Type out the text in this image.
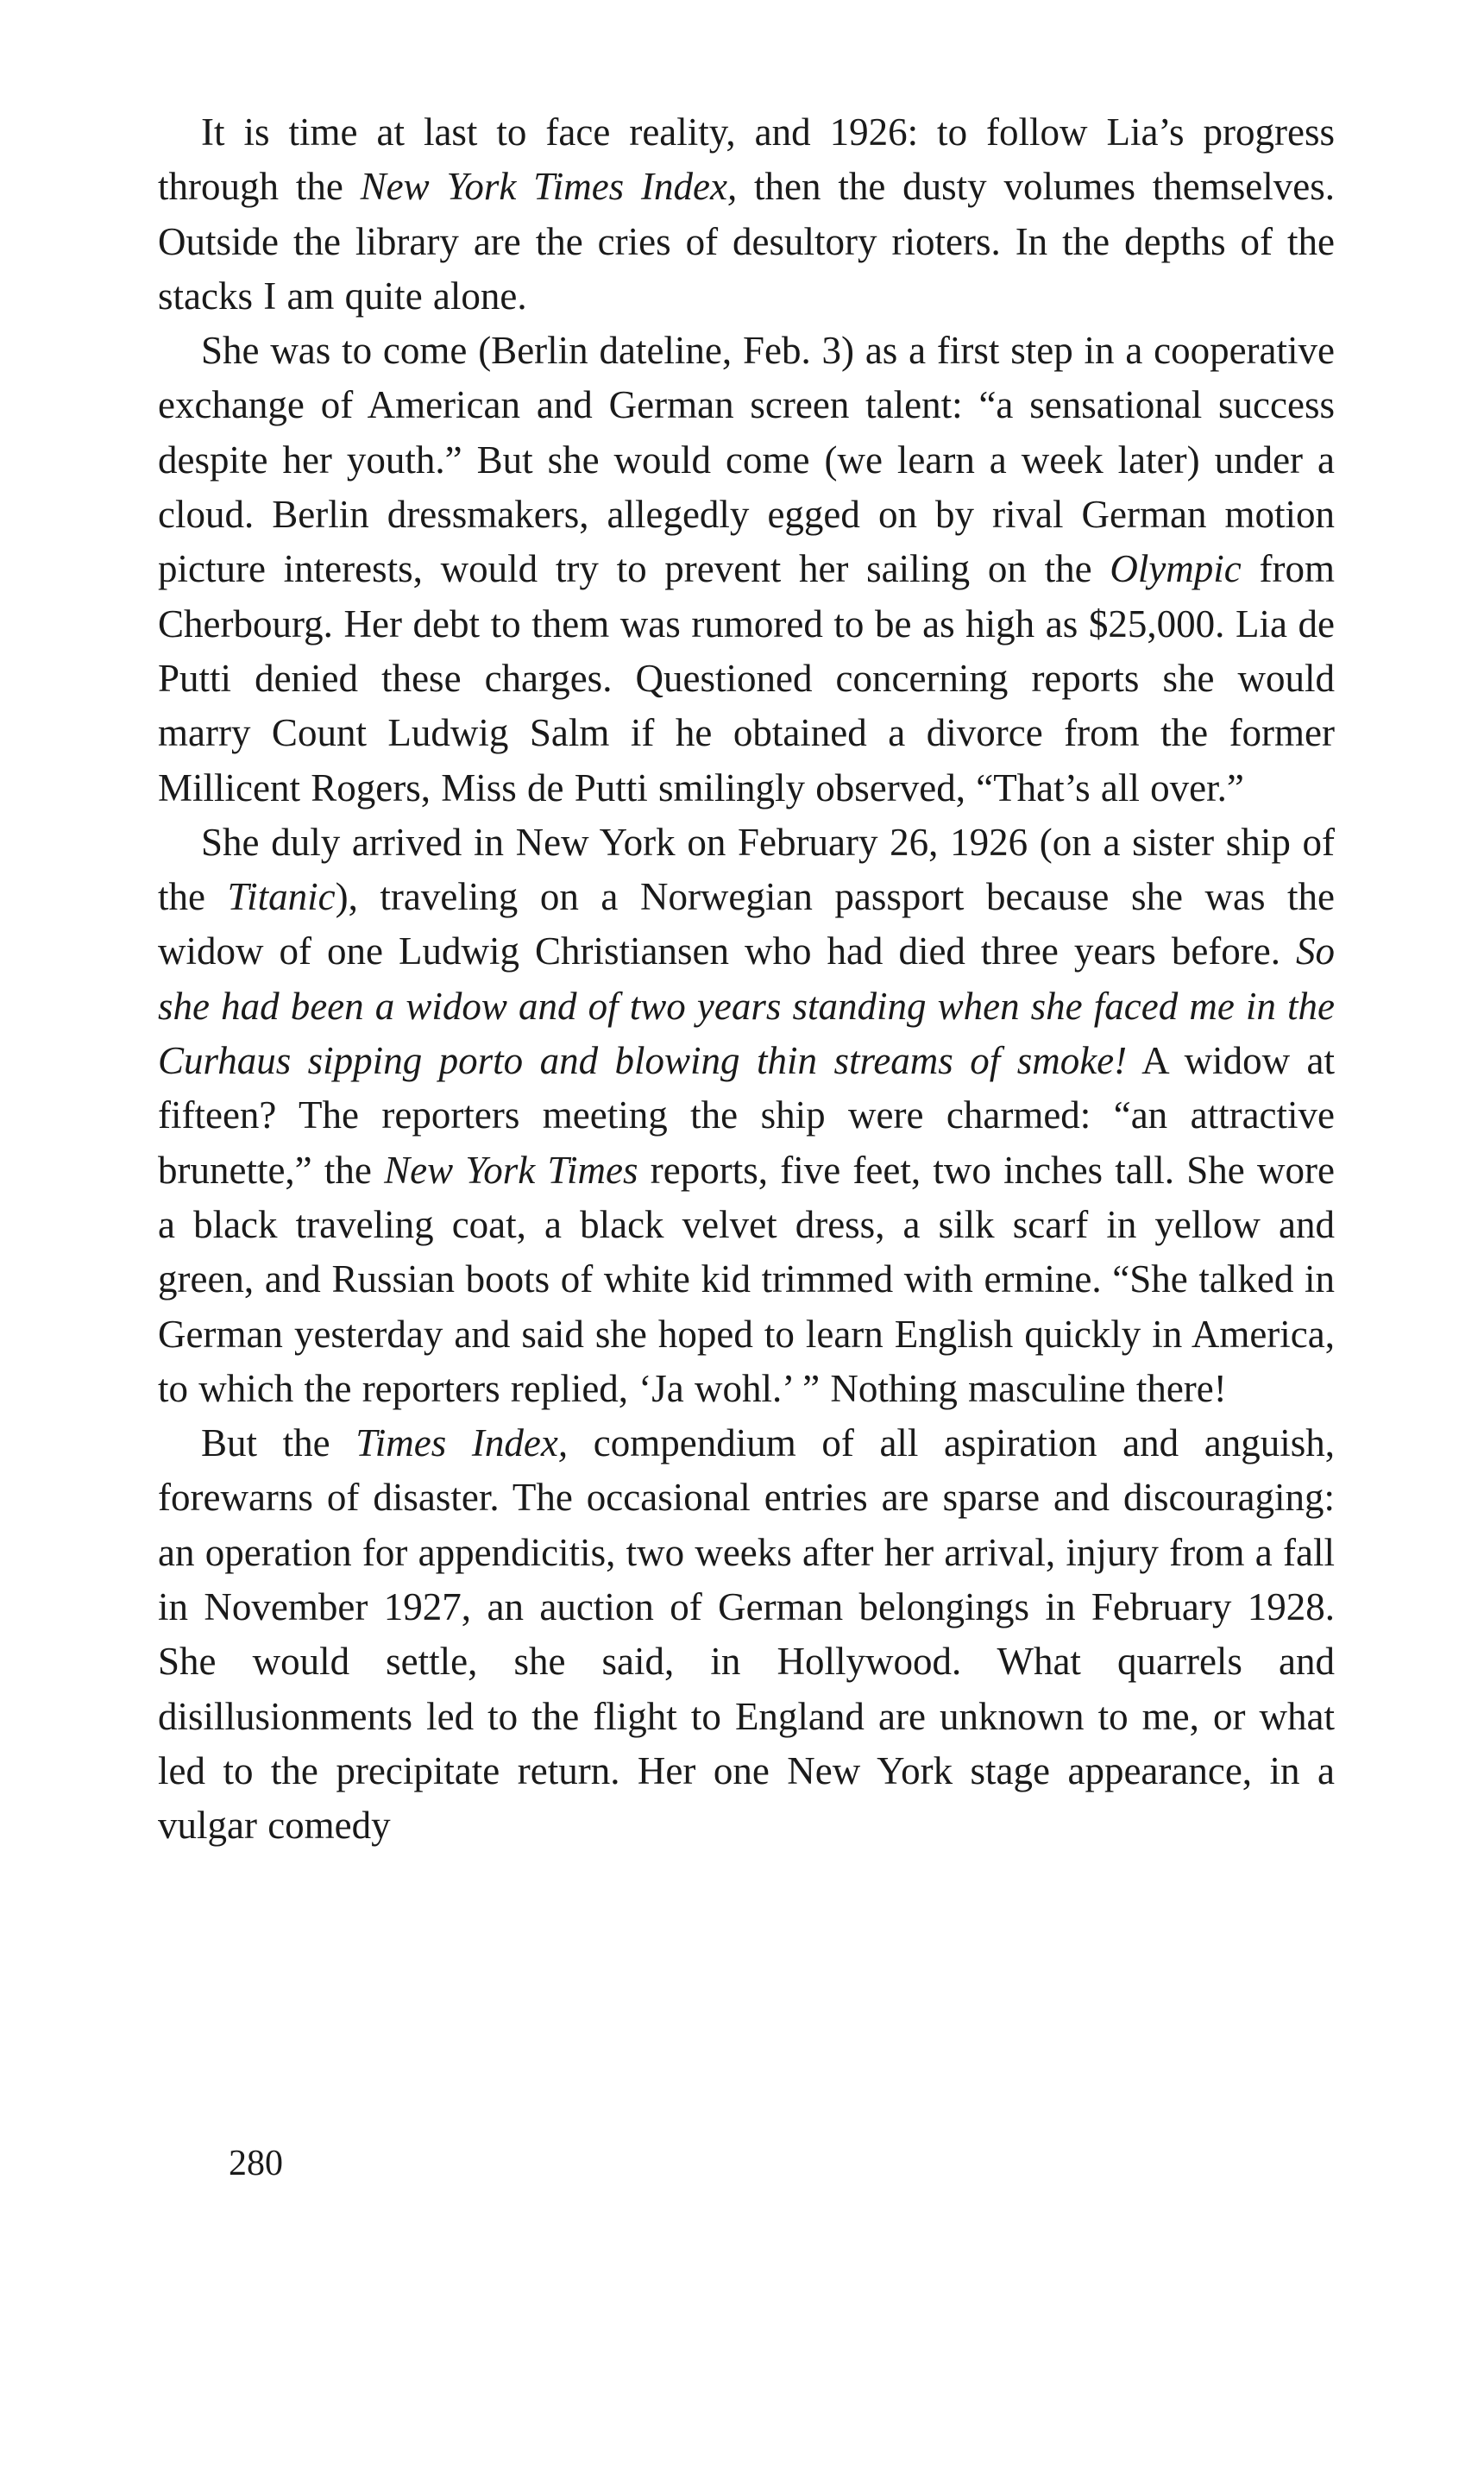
It is time at last to face reality, and 1926: to follow Lia’s progress through the New York Times Index, then the dusty volumes themselves. Outside the library are the cries of desultory rioters. In the depths of the stacks I am quite alone.

She was to come (Berlin dateline, Feb. 3) as a first step in a cooperative exchange of American and German screen talent: “a sensational success despite her youth.” But she would come (we learn a week later) under a cloud. Berlin dressmakers, allegedly egged on by rival German motion picture interests, would try to prevent her sailing on the Olympic from Cherbourg. Her debt to them was rumored to be as high as $25,000. Lia de Putti denied these charges. Questioned concerning reports she would marry Count Ludwig Salm if he obtained a divorce from the former Millicent Rogers, Miss de Putti smilingly observed, “That’s all over.”

She duly arrived in New York on February 26, 1926 (on a sister ship of the Titanic), traveling on a Norwegian passport because she was the widow of one Ludwig Christiansen who had died three years before. So she had been a widow and of two years standing when she faced me in the Curhaus sipping porto and blowing thin streams of smoke! A widow at fifteen? The reporters meeting the ship were charmed: “an attractive brunette,” the New York Times reports, five feet, two inches tall. She wore a black traveling coat, a black velvet dress, a silk scarf in yellow and green, and Russian boots of white kid trimmed with ermine. “She talked in German yesterday and said she hoped to learn English quickly in America, to which the reporters replied, ‘Ja wohl.’ ” Nothing masculine there!

But the Times Index, compendium of all aspiration and anguish, forewarns of disaster. The occasional entries are sparse and discouraging: an operation for appendicitis, two weeks after her arrival, injury from a fall in November 1927, an auction of German belongings in February 1928. She would settle, she said, in Hollywood. What quarrels and disillusionments led to the flight to England are unknown to me, or what led to the precipitate return. Her one New York stage appearance, in a vulgar comedy

280
